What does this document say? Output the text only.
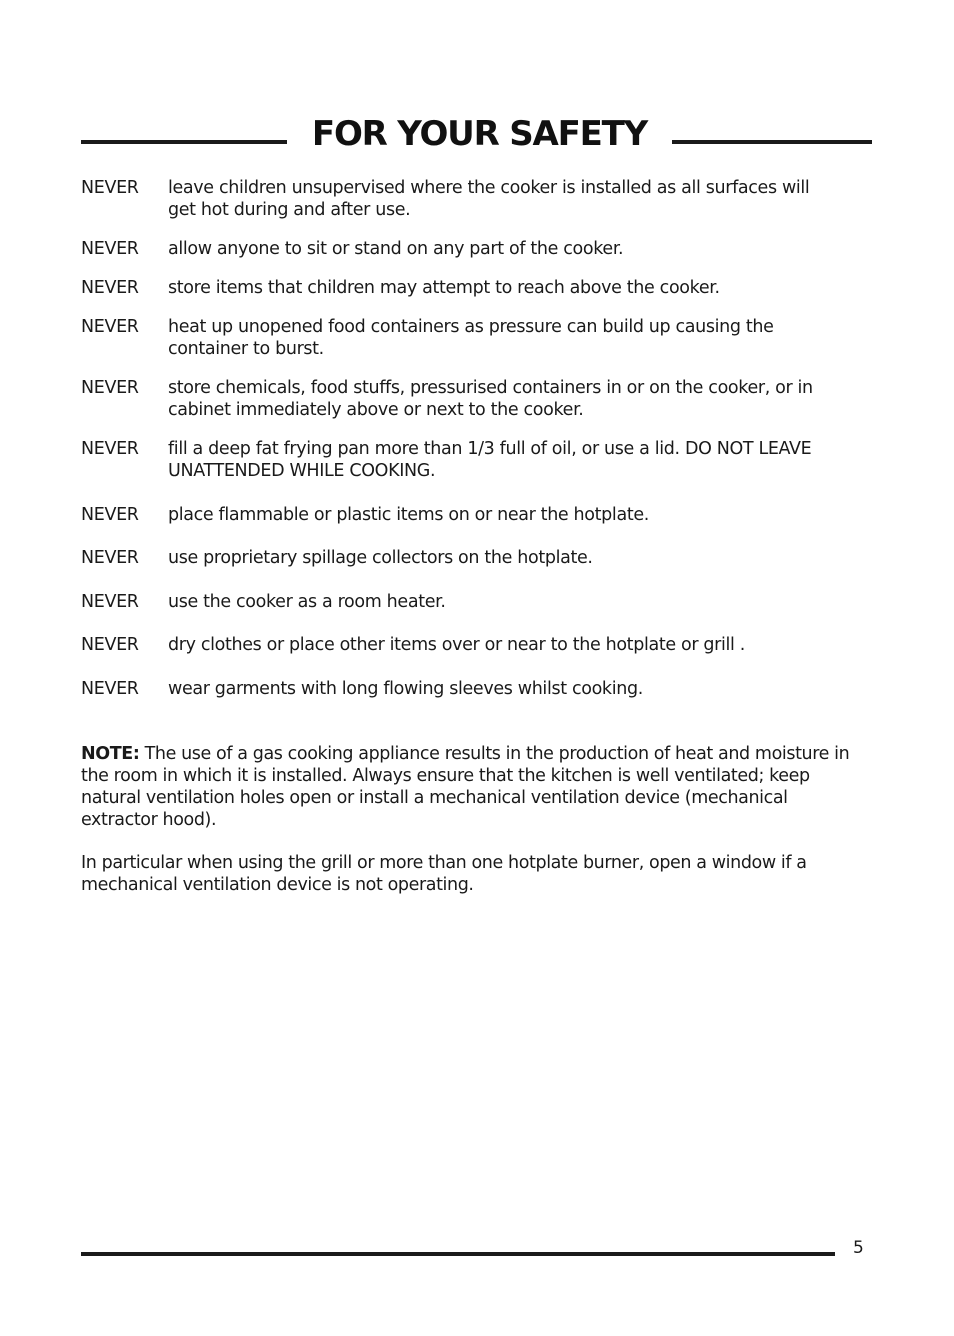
FOR YOUR SAFETY
NEVER leave children unsupervised where the cooker is installed as all surfaces will get hot during and after use.
NEVER allow anyone to sit or stand on any part of the cooker.
NEVER store items that children may attempt to reach above the cooker.
NEVER heat up unopened food containers as pressure can build up causing the container to burst.
NEVER store chemicals, food stuffs, pressurised containers in or on the cooker, or in cabinet immediately above or next to the cooker.
NEVER fill a deep fat frying pan more than 1/3 full of oil, or use a lid. DO NOT LEAVE UNATTENDED WHILE COOKING.
NEVER place flammable or plastic items on or near the hotplate.
NEVER use proprietary spillage collectors on the hotplate.
NEVER use the cooker as a room heater.
NEVER dry clothes or place other items over or near to the hotplate or grill .
NEVER wear garments with long flowing sleeves whilst cooking.

NOTE: The use of a gas cooking appliance results in the production of heat and moisture in the room in which it is installed. Always ensure that the kitchen is well ventilated; keep natural ventilation holes open or install a mechanical ventilation device (mechanical extractor hood).

In particular when using the grill or more than one hotplate burner, open a window if a mechanical ventilation device is not operating.

5
